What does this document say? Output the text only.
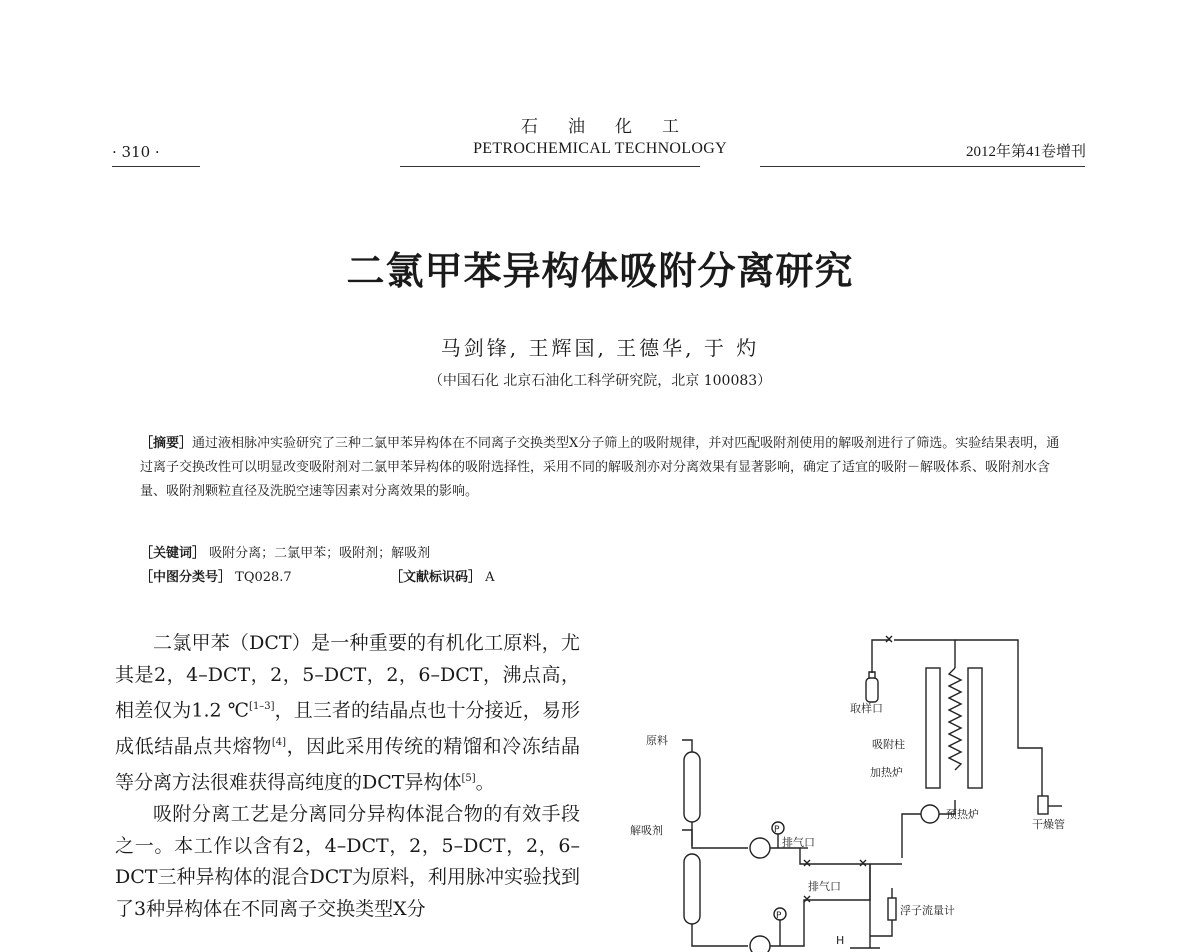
石油化工
· 310 ·	PETROCHEMICAL TECHNOLOGY	2012年第41卷增刊
二氯甲苯异构体吸附分离研究
马剑锋, 王辉国, 王德华, 于 灼
（中国石化 北京石油化工科学研究院，北京 100083）
［摘要］通过液相脉冲实验研究了三种二氯甲苯异构体在不同离子交换类型X分子筛上的吸附规律，并对匹配吸附剂使用的解吸剂进行了筛选。实验结果表明，通过离子交换改性可以明显改变吸附剂对二氯甲苯异构体的吸附选择性，采用不同的解吸剂亦对分离效果有显著影响，确定了适宜的吸附－解吸体系、吸附剂水含量、吸附剂颗粒直径及洗脱空速等因素对分离效果的影响。
［关键词］ 吸附分离；二氯甲苯；吸附剂；解吸剂
［中图分类号］ TQ028.7	［文献标识码］ A

二氯甲苯（DCT）是一种重要的有机化工原料，尤其是2，4–DCT，2，5–DCT，2，6–DCT，沸点高，相差仅为1.2 ℃[1–3]，且三者的结晶点也十分接近，易形成低结晶点共熔物[4]，因此采用传统的精馏和冷冻结晶等分离方法很难获得高纯度的DCT异构体[5]。

吸附分离工艺是分离同分异构体混合物的有效手段之一。本工作以含有2，4–DCT，2，5–DCT，2，6–DCT三种异构体的混合DCT为原料，利用脉冲实验找到了3种异构体在不同离子交换类型X分

取样口
吸附柱
加热炉
原料
预热炉
干燥管
解吸剂
排气口
排气口
浮子流量计
H
P
P
